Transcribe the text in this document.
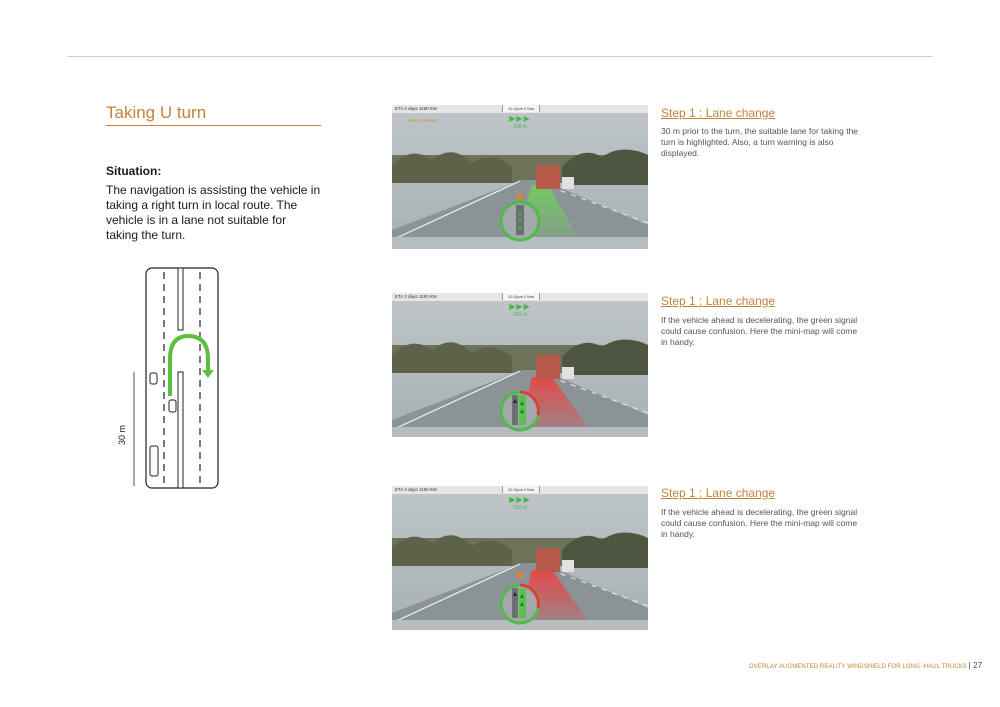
Taking U turn
Situation:
The navigation is assisting the vehicle in taking a right turn in local route. The vehicle is in a lane not suitable for taking the turn.
30 m
ETA 2 days 1160 KM	11:11pm 2 thrs
TRAVELTRUCK	▶▶▶
250 m
ETA 2 days 1160 KM	11:11pm 2 thrs
▶▶▶
250 m
ETA 2 days 1160 KM	11:11pm 2 thrs
▶▶▶
250 m
Step 1 : Lane change
30 m prior to the turn, the suitable lane for taking the turn is highlighted. Also, a turn warning is also displayed.
Step 1 : Lane change
If the vehicle ahead is decelerating, the green signal could cause confusion. Here the mini-map will come in handy.
Step 1 : Lane change
If the vehicle ahead is decelerating, the green signal could cause confusion. Here the mini-map will come in handy.
OVERLAY AUGMENTED REALITY WINDSHIELD FOR LONG -HAUL TRUCKS | 27
